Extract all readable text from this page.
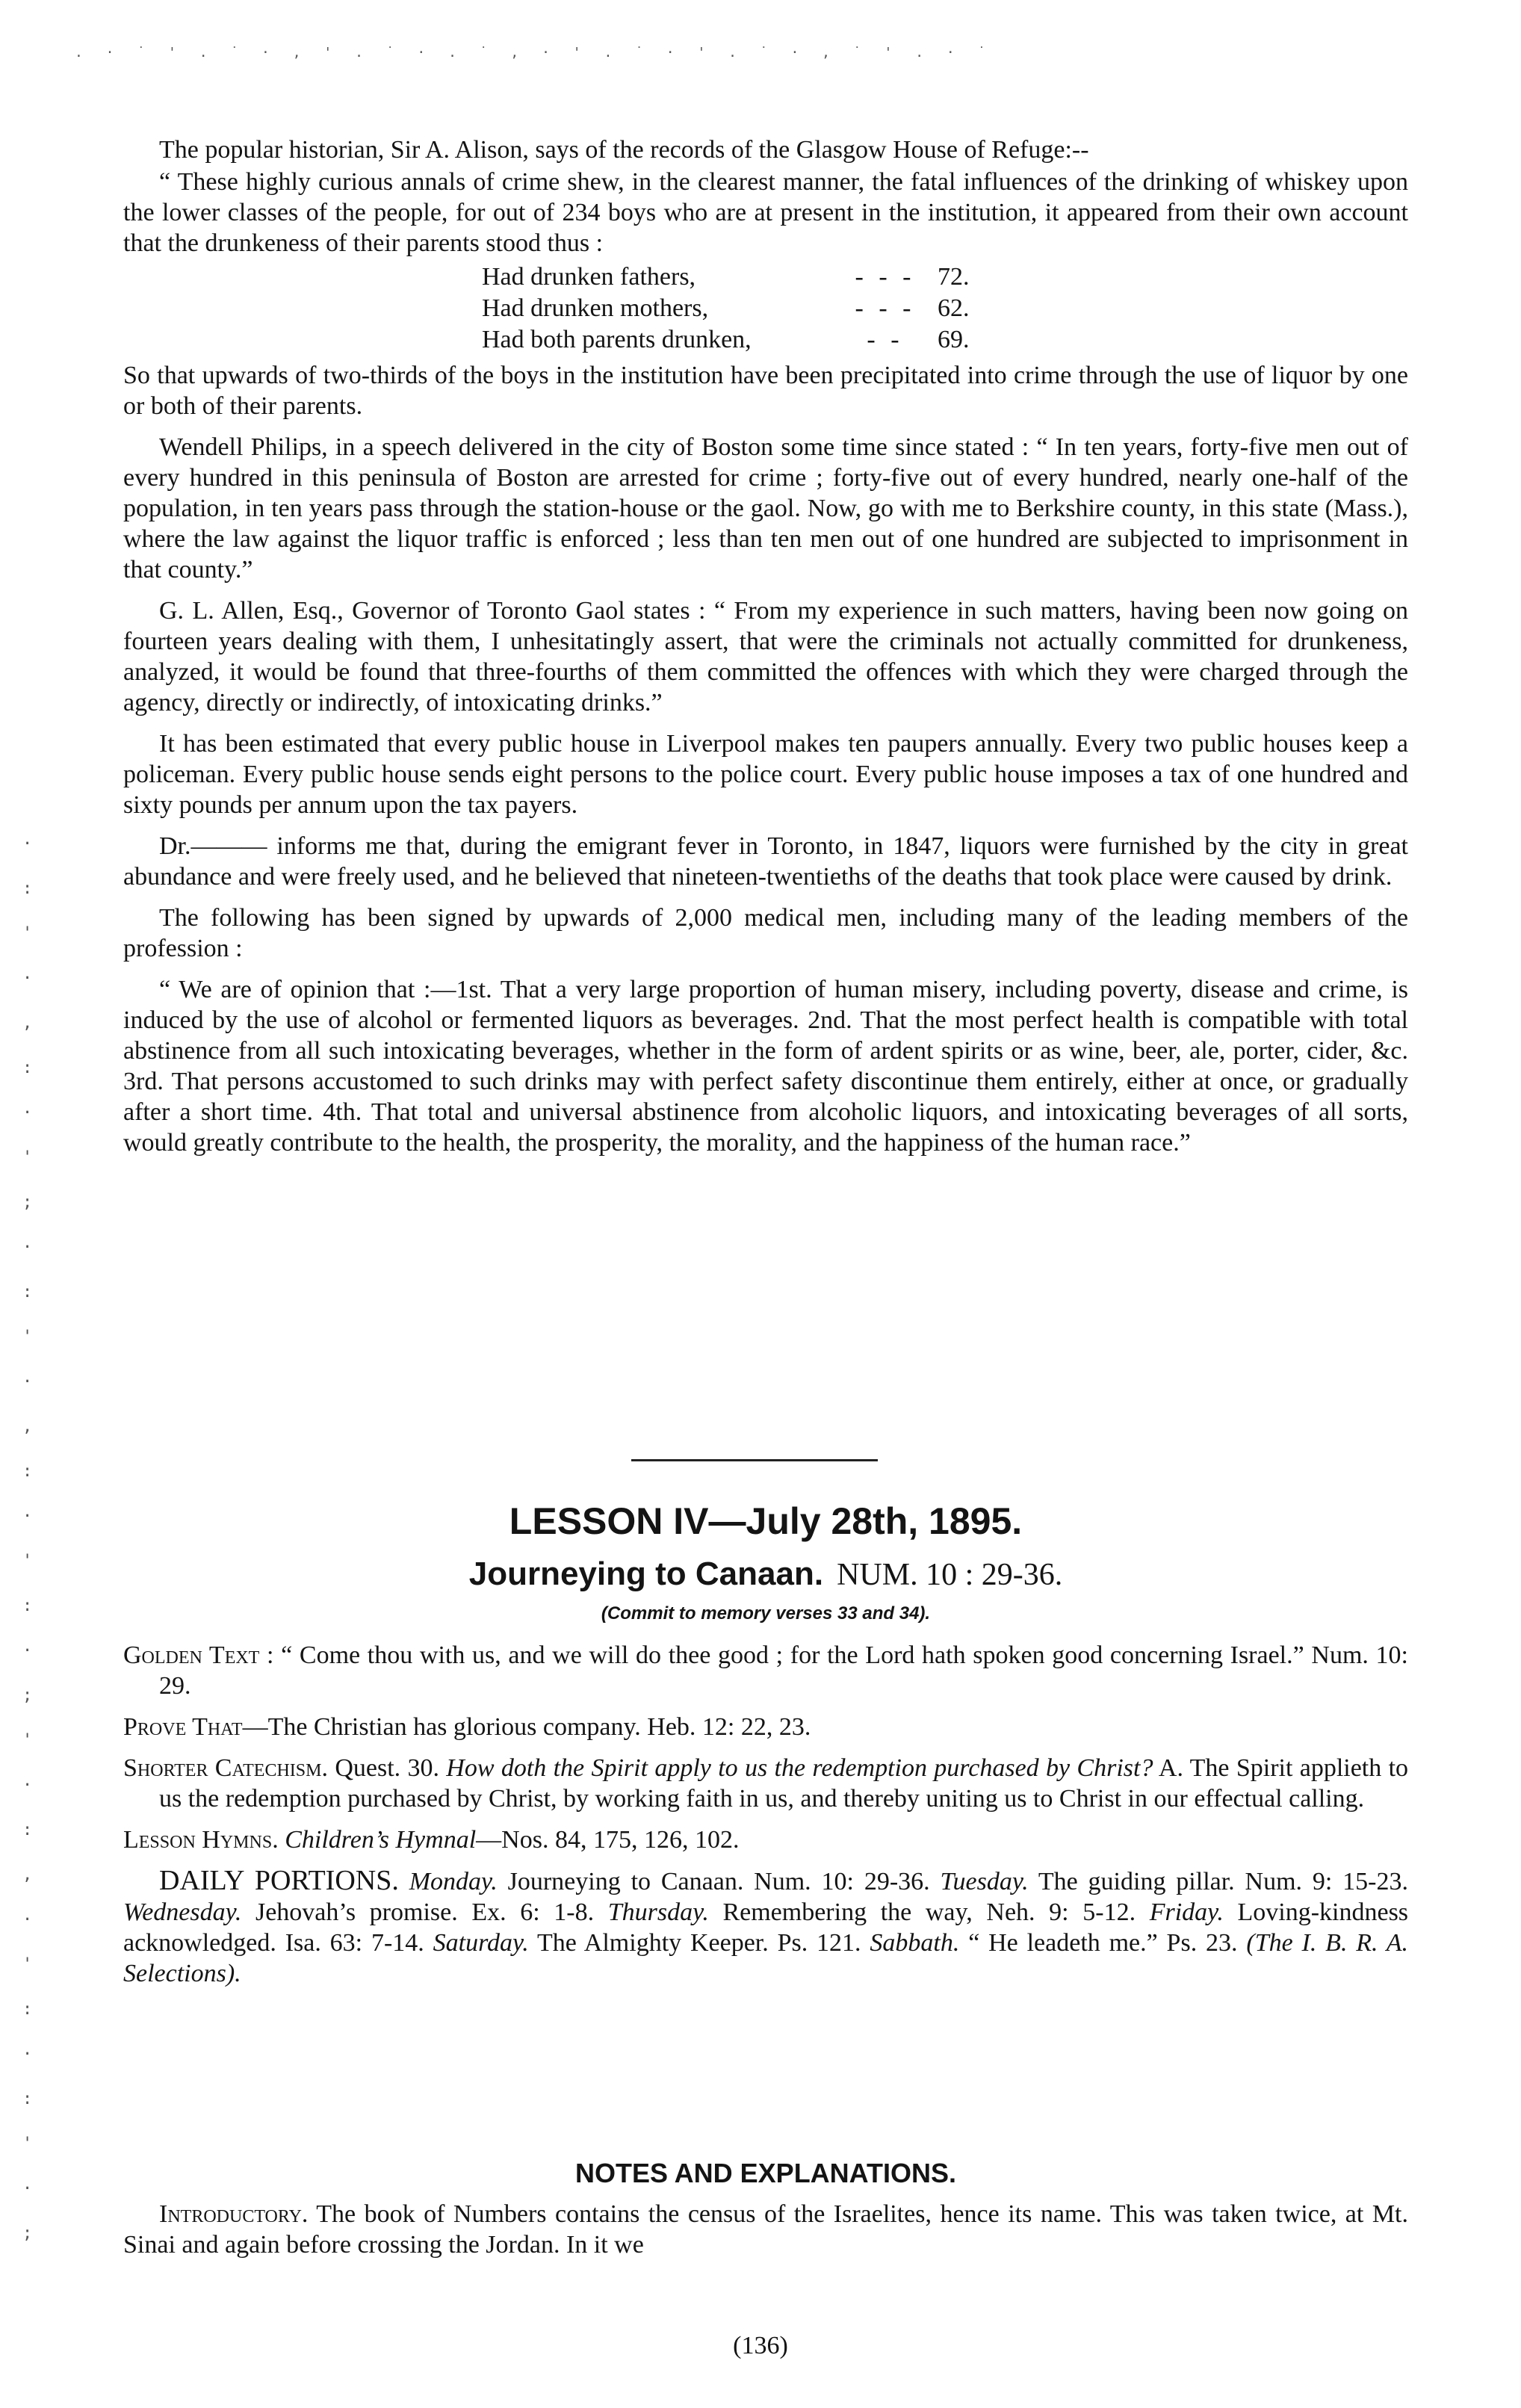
. · ˙ ' . ˙ · , ' . ˙ · . ˙ , · ' . ˙ · ' . ˙ · , ˙ ' . · ˙
·
:
'
·
,
:
·
'
;
·
:
'
·
,
:
·
'
:
·
;
'
·
:
,
·
'
:
·
:
'
·
;

The popular historian, Sir A. Alison, says of the records of the Glasgow House of Refuge:--

“ These highly curious annals of crime shew, in the clearest manner, the fatal influences of the drinking of whiskey upon the lower classes of the people, for out of 234 boys who are at present in the institution, it appeared from their own account that the drunkeness of their parents stood thus :

Had drunken fathers,	- - - 72.
Had drunken mothers,	- - - 62.
Had both parents drunken,	- -	69.

So that upwards of two-thirds of the boys in the institution have been precipitated into crime through the use of liquor by one or both of their parents.

Wendell Philips, in a speech delivered in the city of Boston some time since stated : “ In ten years, forty-five men out of every hundred in this peninsula of Boston are arrested for crime ; forty-five out of every hundred, nearly one-half of the population, in ten years pass through the station-house or the gaol. Now, go with me to Berkshire county, in this state (Mass.), where the law against the liquor traffic is enforced ; less than ten men out of one hundred are subjected to imprisonment in that county.”

G. L. Allen, Esq., Governor of Toronto Gaol states : “ From my experience in such matters, having been now going on fourteen years dealing with them, I unhesitatingly assert, that were the criminals not actually committed for drunkeness, analyzed, it would be found that three-fourths of them committed the offences with which they were charged through the agency, directly or indirectly, of intoxicating drinks.”

It has been estimated that every public house in Liverpool makes ten paupers annually. Every two public houses keep a policeman. Every public house sends eight persons to the police court. Every public house imposes a tax of one hundred and sixty pounds per annum upon the tax payers.

Dr.——— informs me that, during the emigrant fever in Toronto, in 1847, liquors were furnished by the city in great abundance and were freely used, and he believed that nineteen-twentieths of the deaths that took place were caused by drink.

The following has been signed by upwards of 2,000 medical men, including many of the leading members of the profession :

“ We are of opinion that :—1st. That a very large proportion of human misery, including poverty, disease and crime, is induced by the use of alcohol or fermented liquors as beverages. 2nd. That the most perfect health is compatible with total abstinence from all such intoxicating beverages, whether in the form of ardent spirits or as wine, beer, ale, porter, cider, &c. 3rd. That persons accustomed to such drinks may with perfect safety discontinue them entirely, either at once, or gradually after a short time. 4th. That total and universal abstinence from alcoholic liquors, and intoxicating beverages of all sorts, would greatly contribute to the health, the prosperity, the morality, and the happiness of the human race.”

LESSON IV—July 28th, 1895.
Journeying to Canaan. NUM. 10 : 29-36.
(Commit to memory verses 33 and 34).

Golden Text : “ Come thou with us, and we will do thee good ; for the Lord hath spoken good concerning Israel.” Num. 10: 29.

Prove That—The Christian has glorious company. Heb. 12: 22, 23.

Shorter Catechism. Quest. 30. How doth the Spirit apply to us the redemption purchased by Christ? A. The Spirit applieth to us the redemption purchased by Christ, by working faith in us, and thereby uniting us to Christ in our effectual calling.

Lesson Hymns. Children’s Hymnal—Nos. 84, 175, 126, 102.

DAILY PORTIONS. Monday. Journeying to Canaan. Num. 10: 29-36. Tuesday. The guiding pillar. Num. 9: 15-23. Wednesday. Jehovah’s promise. Ex. 6: 1-8. Thursday. Remembering the way, Neh. 9: 5-12. Friday. Loving-kindness acknowledged. Isa. 63: 7-14. Saturday. The Almighty Keeper. Ps. 121. Sabbath. “ He leadeth me.” Ps. 23. (The I. B. R. A. Selections).

NOTES AND EXPLANATIONS.

Introductory. The book of Numbers contains the census of the Israelites, hence its name. This was taken twice, at Mt. Sinai and again before crossing the Jordan. In it we

(136)
